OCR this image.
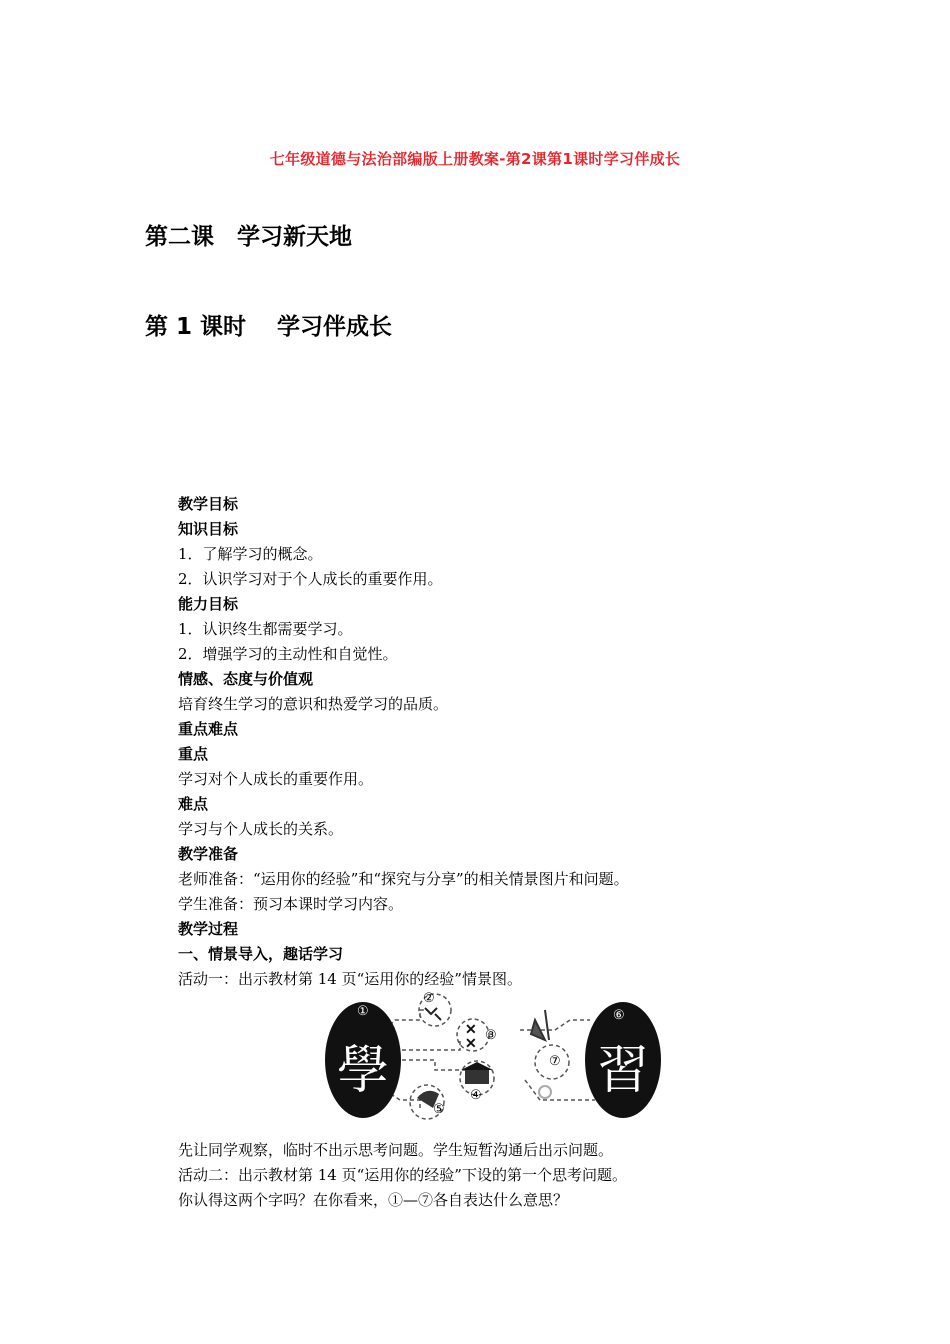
七年级道德与法治部编版上册教案-第2课第1课时学习伴成长
第二课　学习新天地
第 1 课时　 学习伴成长
教学目标
知识目标
1．了解学习的概念。
2．认识学习对于个人成长的重要作用。
能力目标
1．认识终生都需要学习。
2．增强学习的主动性和自觉性。
情感、态度与价值观
培育终生学习的意识和热爱学习的品质。
重点难点
重点
学习对个人成长的重要作用。
难点
学习与个人成长的关系。
教学准备
老师准备：“运用你的经验”和“探究与分享”的相关情景图片和问题。
学生准备：预习本课时学习内容。
教学过程
一、情景导入，趣话学习
活动一：出示教材第 14 页“运用你的经验”情景图。
✕
✕
學	習
①
②
③
④
⑤
⑥
⑦
先让同学观察，临时不出示思考问题。学生短暂沟通后出示问题。
活动二：出示教材第 14 页“运用你的经验”下设的第一个思考问题。
你认得这两个字吗？在你看来，①—⑦各自表达什么意思？
